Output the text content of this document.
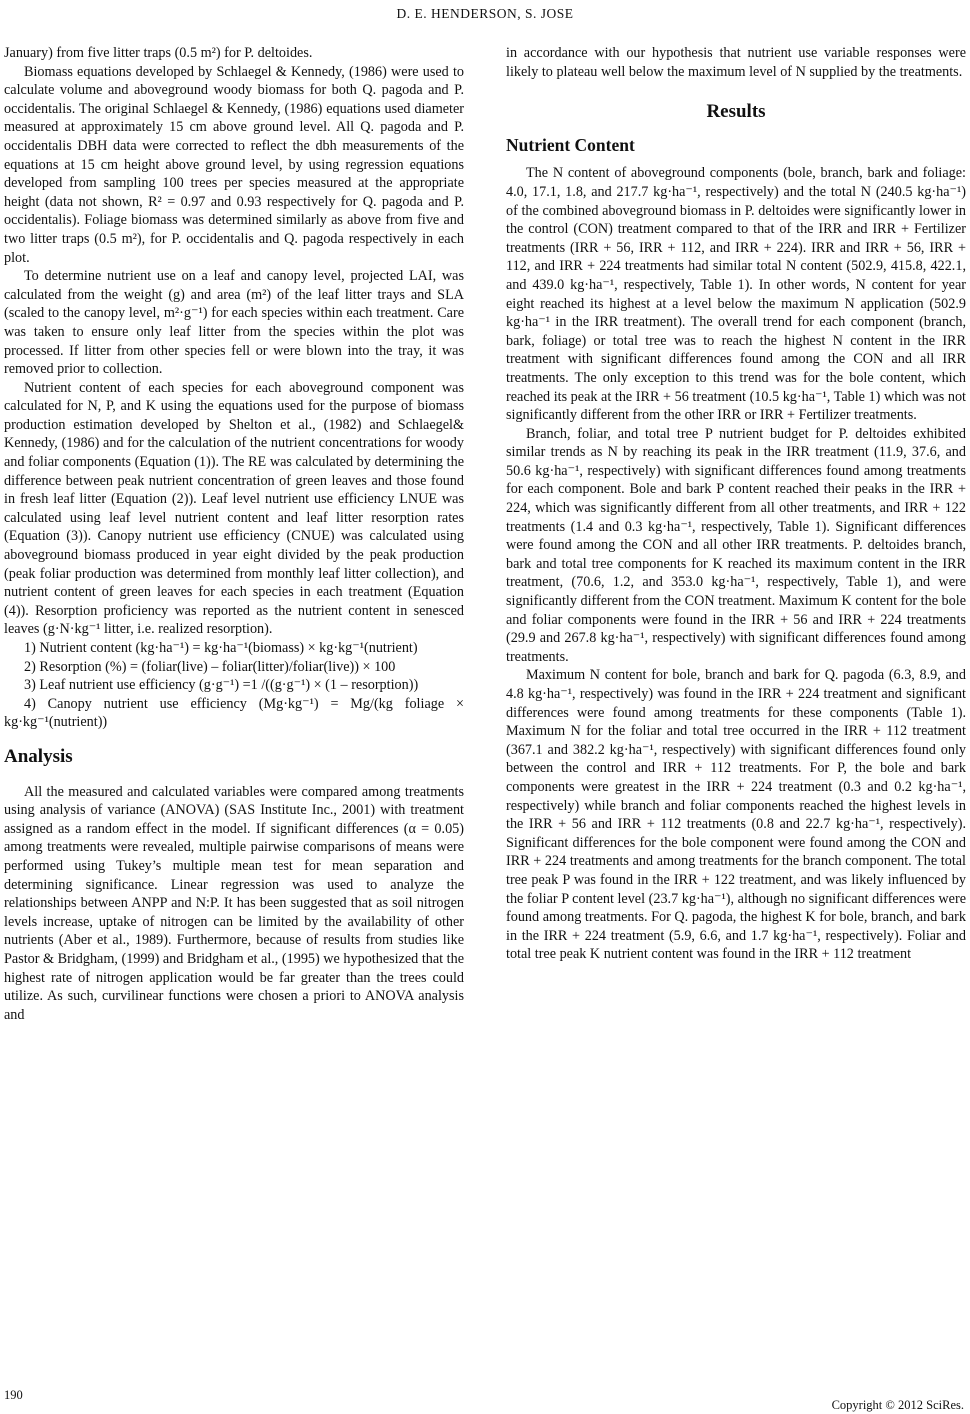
D. E. HENDERSON, S. JOSE

January) from five litter traps (0.5 m²) for P. deltoides.

Biomass equations developed by Schlaegel & Kennedy, (1986) were used to calculate volume and aboveground woody biomass for both Q. pagoda and P. occidentalis. The original Schlaegel & Kennedy, (1986) equations used diameter measured at approximately 15 cm above ground level. All Q. pagoda and P. occidentalis DBH data were corrected to reflect the dbh measurements of the equations at 15 cm height above ground level, by using regression equations developed from sampling 100 trees per species measured at the appropriate height (data not shown, R² = 0.97 and 0.93 respectively for Q. pagoda and P. occidentalis). Foliage biomass was determined similarly as above from five and two litter traps (0.5 m²), for P. occidentalis and Q. pagoda respectively in each plot.

To determine nutrient use on a leaf and canopy level, projected LAI, was calculated from the weight (g) and area (m²) of the leaf litter trays and SLA (scaled to the canopy level, m²·g⁻¹) for each species within each treatment. Care was taken to ensure only leaf litter from the species within the plot was processed. If litter from other species fell or were blown into the tray, it was removed prior to collection.

Nutrient content of each species for each aboveground component was calculated for N, P, and K using the equations used for the purpose of biomass production estimation developed by Shelton et al., (1982) and Schlaegel& Kennedy, (1986) and for the calculation of the nutrient concentrations for woody and foliar components (Equation (1)). The RE was calculated by determining the difference between peak nutrient concentration of green leaves and those found in fresh leaf litter (Equation (2)). Leaf level nutrient use efficiency LNUE was calculated using leaf level nutrient content and leaf litter resorption rates (Equation (3)). Canopy nutrient use efficiency (CNUE) was calculated using aboveground biomass produced in year eight divided by the peak production (peak foliar production was determined from monthly leaf litter collection), and nutrient content of green leaves for each species in each treatment (Equation (4)). Resorption proficiency was reported as the nutrient content in senesced leaves (g·N·kg⁻¹ litter, i.e. realized resorption).

1) Nutrient content (kg·ha⁻¹) = kg·ha⁻¹(biomass) × kg·kg⁻¹(nutrient)

2) Resorption (%) = (foliar(live) – foliar(litter)/foliar(live)) × 100

3) Leaf nutrient use efficiency (g·g⁻¹) =1 /((g·g⁻¹) × (1 – resorption))

4) Canopy nutrient use efficiency (Mg·kg⁻¹) = Mg/(kg foliage × kg·kg⁻¹(nutrient))

Analysis

All the measured and calculated variables were compared among treatments using analysis of variance (ANOVA) (SAS Institute Inc., 2001) with treatment assigned as a random effect in the model. If significant differences (α = 0.05) among treatments were revealed, multiple pairwise comparisons of means were performed using Tukey’s multiple mean test for mean separation and determining significance. Linear regression was used to analyze the relationships between ANPP and N:P. It has been suggested that as soil nitrogen levels increase, uptake of nitrogen can be limited by the availability of other nutrients (Aber et al., 1989). Furthermore, because of results from studies like Pastor & Bridgham, (1999) and Bridgham et al., (1995) we hypothesized that the highest rate of nitrogen application would be far greater than the trees could utilize. As such, curvilinear functions were chosen a priori to ANOVA analysis and

in accordance with our hypothesis that nutrient use variable responses were likely to plateau well below the maximum level of N supplied by the treatments.

Results
Nutrient Content

The N content of aboveground components (bole, branch, bark and foliage: 4.0, 17.1, 1.8, and 217.7 kg·ha⁻¹, respectively) and the total N (240.5 kg·ha⁻¹) of the combined aboveground biomass in P. deltoides were significantly lower in the control (CON) treatment compared to that of the IRR and IRR + Fertilizer treatments (IRR + 56, IRR + 112, and IRR + 224). IRR and IRR + 56, IRR + 112, and IRR + 224 treatments had similar total N content (502.9, 415.8, 422.1, and 439.0 kg·ha⁻¹, respectively, Table 1). In other words, N content for year eight reached its highest at a level below the maximum N application (502.9 kg·ha⁻¹ in the IRR treatment). The overall trend for each component (branch, bark, foliage) or total tree was to reach the highest N content in the IRR treatment with significant differences found among the CON and all IRR treatments. The only exception to this trend was for the bole content, which reached its peak at the IRR + 56 treatment (10.5 kg·ha⁻¹, Table 1) which was not significantly different from the other IRR or IRR + Fertilizer treatments.

Branch, foliar, and total tree P nutrient budget for P. deltoides exhibited similar trends as N by reaching its peak in the IRR treatment (11.9, 37.6, and 50.6 kg·ha⁻¹, respectively) with significant differences found among treatments for each component. Bole and bark P content reached their peaks in the IRR + 224, which was significantly different from all other treatments, and IRR + 122 treatments (1.4 and 0.3 kg·ha⁻¹, respectively, Table 1). Significant differences were found among the CON and all other IRR treatments. P. deltoides branch, bark and total tree components for K reached its maximum content in the IRR treatment, (70.6, 1.2, and 353.0 kg·ha⁻¹, respectively, Table 1), and were significantly different from the CON treatment. Maximum K content for the bole and foliar components were found in the IRR + 56 and IRR + 224 treatments (29.9 and 267.8 kg·ha⁻¹, respectively) with significant differences found among treatments.

Maximum N content for bole, branch and bark for Q. pagoda (6.3, 8.9, and 4.8 kg·ha⁻¹, respectively) was found in the IRR + 224 treatment and significant differences were found among treatments for these components (Table 1). Maximum N for the foliar and total tree occurred in the IRR + 112 treatment (367.1 and 382.2 kg·ha⁻¹, respectively) with significant differences found only between the control and IRR + 112 treatments. For P, the bole and bark components were greatest in the IRR + 224 treatment (0.3 and 0.2 kg·ha⁻¹, respectively) while branch and foliar components reached the highest levels in the IRR + 56 and IRR + 112 treatments (0.8 and 22.7 kg·ha⁻¹, respectively). Significant differences for the bole component were found among the CON and IRR + 224 treatments and among treatments for the branch component. The total tree peak P was found in the IRR + 122 treatment, and was likely influenced by the foliar P content level (23.7 kg·ha⁻¹), although no significant differences were found among treatments. For Q. pagoda, the highest K for bole, branch, and bark in the IRR + 224 treatment (5.9, 6.6, and 1.7 kg·ha⁻¹, respectively). Foliar and total tree peak K nutrient content was found in the IRR + 112 treatment

190
Copyright © 2012 SciRes.
